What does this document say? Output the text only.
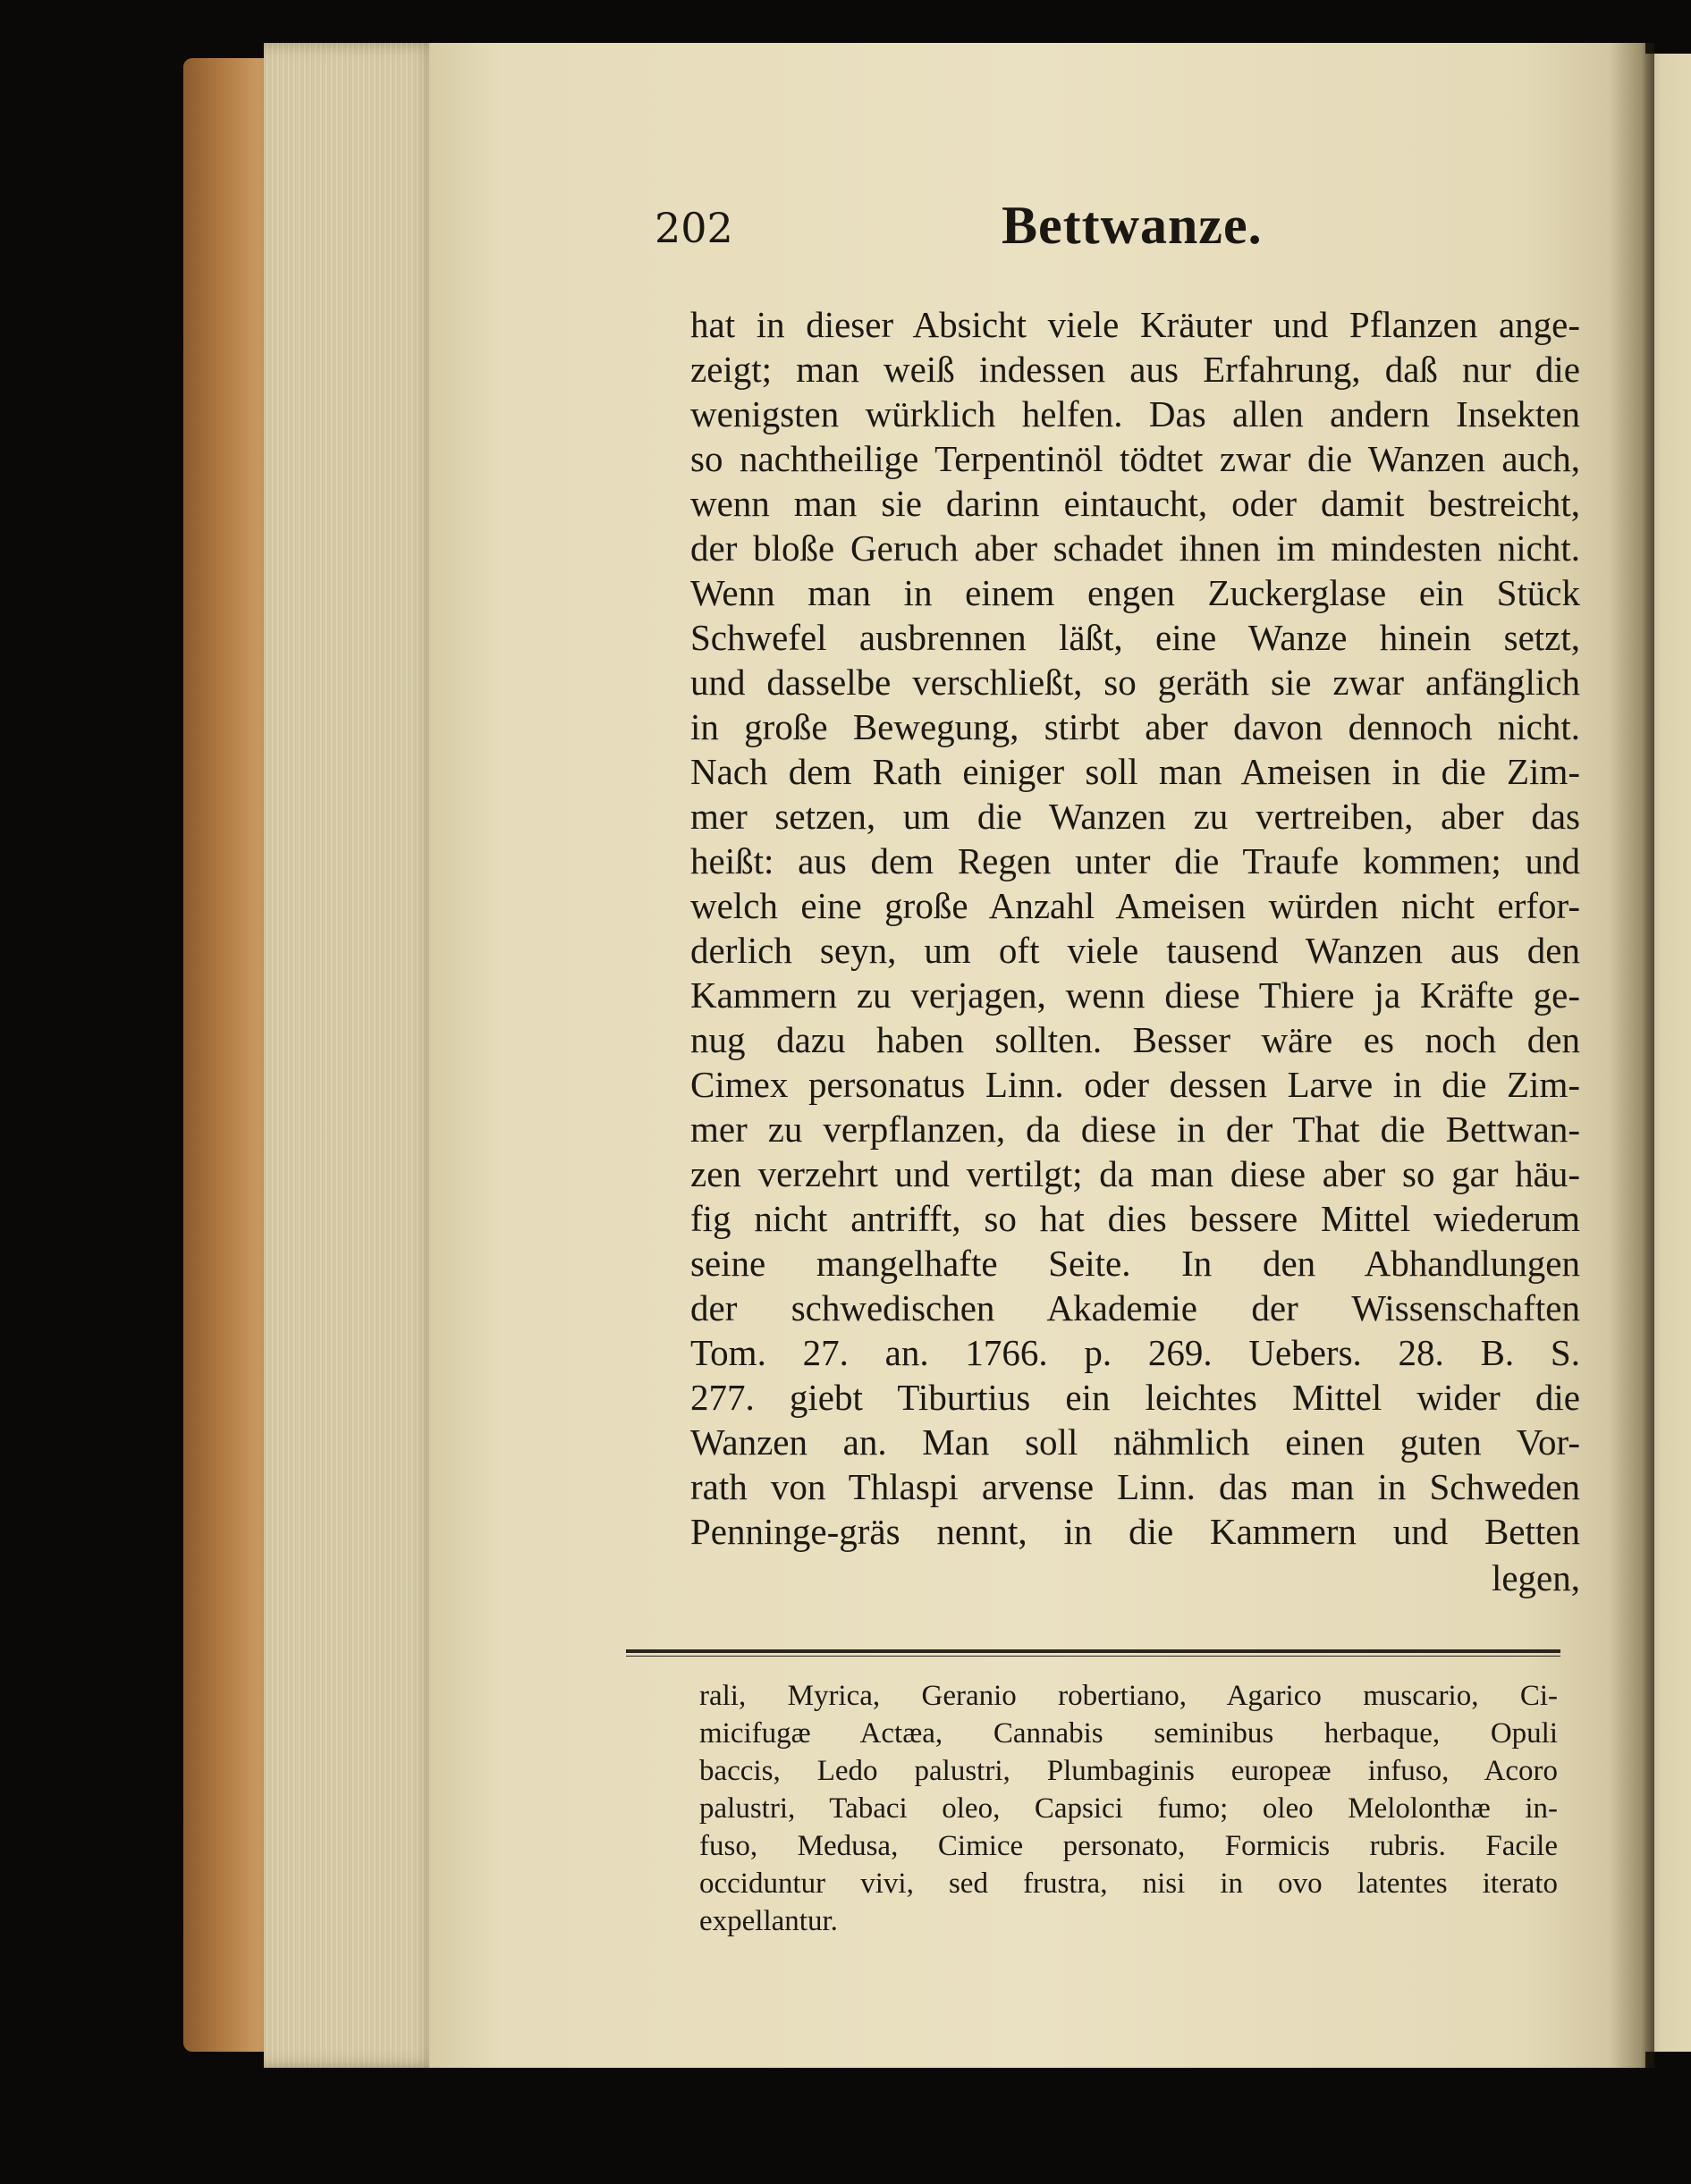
202	Bettwanze.
hat in dieser Absicht viele Kräuter und Pflanzen ange-
zeigt; man weiß indessen aus Erfahrung, daß nur die
wenigsten würklich helfen. Das allen andern Insekten
so nachtheilige Terpentinöl tödtet zwar die Wanzen auch,
wenn man sie darinn eintaucht, oder damit bestreicht,
der bloße Geruch aber schadet ihnen im mindesten nicht.
Wenn man in einem engen Zuckerglase ein Stück
Schwefel ausbrennen läßt, eine Wanze hinein setzt,
und dasselbe verschließt, so geräth sie zwar anfänglich
in große Bewegung, stirbt aber davon dennoch nicht.
Nach dem Rath einiger soll man Ameisen in die Zim-
mer setzen, um die Wanzen zu vertreiben, aber das
heißt: aus dem Regen unter die Traufe kommen; und
welch eine große Anzahl Ameisen würden nicht erfor-
derlich seyn, um oft viele tausend Wanzen aus den
Kammern zu verjagen, wenn diese Thiere ja Kräfte ge-
nug dazu haben sollten. Besser wäre es noch den
Cimex personatus Linn. oder dessen Larve in die Zim-
mer zu verpflanzen, da diese in der That die Bettwan-
zen verzehrt und vertilgt; da man diese aber so gar häu-
fig nicht antrifft, so hat dies bessere Mittel wiederum
seine mangelhafte Seite. In den Abhandlungen
der schwedischen Akademie der Wissenschaften
Tom. 27. an. 1766. p. 269. Uebers. 28. B. S.
277. giebt Tiburtius ein leichtes Mittel wider die
Wanzen an. Man soll nähmlich einen guten Vor-
rath von Thlaspi arvense Linn. das man in Schweden
Penninge-gräs nennt, in die Kammern und Betten
legen,
rali, Myrica, Geranio robertiano, Agarico muscario, Ci-
micifugæ Actæa, Cannabis seminibus herbaque, Opuli
baccis, Ledo palustri, Plumbaginis europeæ infuso, Acoro
palustri, Tabaci oleo, Capsici fumo; oleo Melolonthæ in-
fuso, Medusa, Cimice personato, Formicis rubris. Facile
occiduntur vivi, sed frustra, nisi in ovo latentes iterato
expellantur.
